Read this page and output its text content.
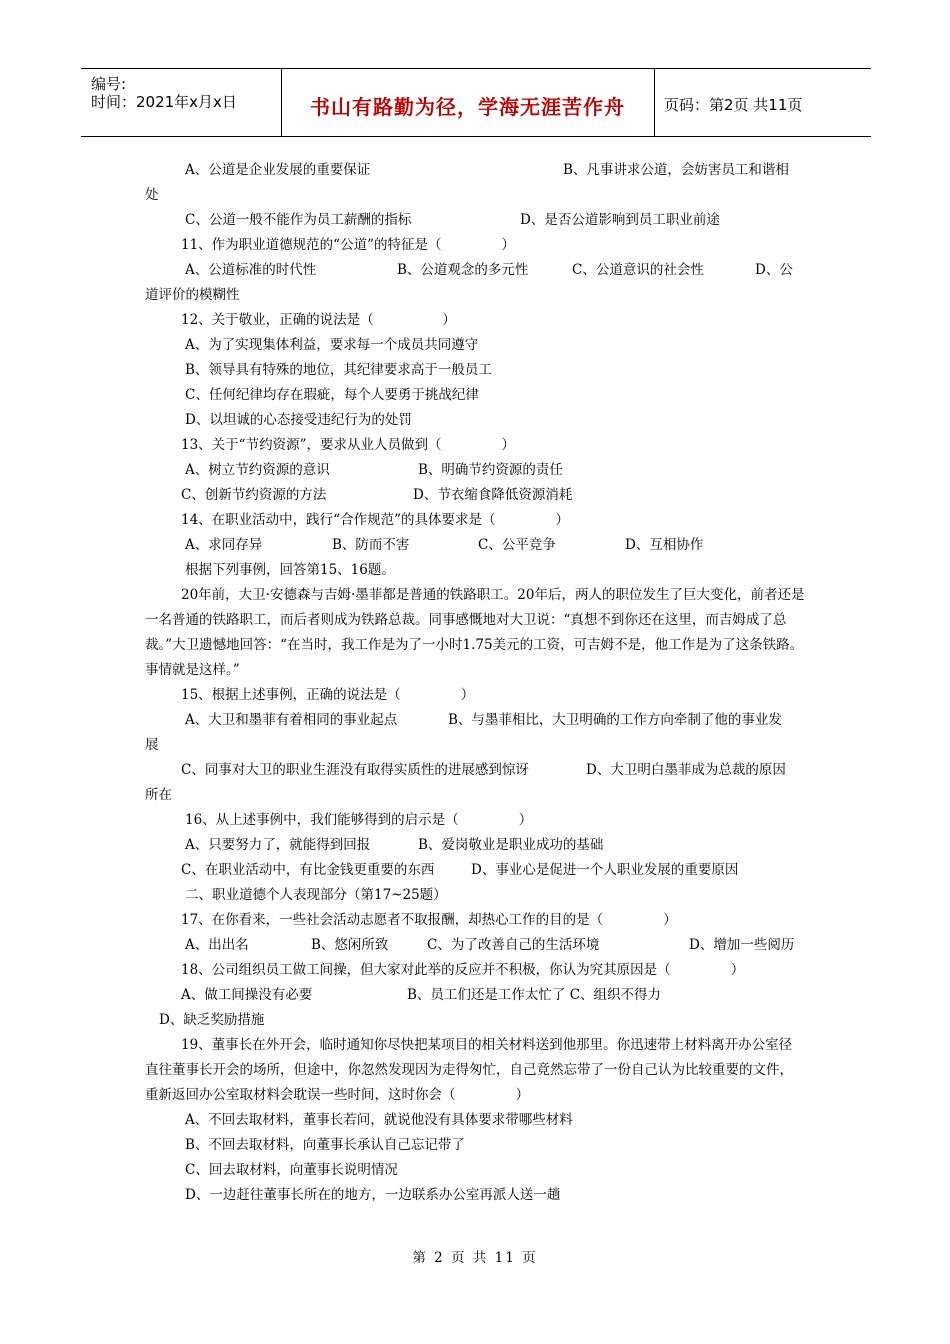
编号:
时间：2021年x月x日	书山有路勤为径，学海无涯苦作舟	页码：第2页 共11页
A、公道是企业发展的重要保证	B、凡事讲求公道，会妨害员工和谐相

处

C、公道一般不能作为员工薪酬的指标	D、是否公道影响到员工职业前途

11、作为职业道德规范的“公道”的特征是（              ）

A、公道标准的时代性	B、公道观念的多元性	C、公道意识的社会性	D、公

道评价的模糊性

12、关于敬业，正确的说法是（                ）

A、为了实现集体利益，要求每一个成员共同遵守

B、领导具有特殊的地位，其纪律要求高于一般员工

C、任何纪律均存在瑕疵，每个人要勇于挑战纪律

D、以坦诚的心态接受违纪行为的处罚

13、关于“节约资源”，要求从业人员做到（              ）

A、树立节约资源的意识	B、明确节约资源的责任
C、创新节约资源的方法	D、节衣缩食降低资源消耗

14、在职业活动中，践行“合作规范”的具体要求是（              ）

A、求同存异	B、防而不害	C、公平竞争	D、互相协作

根据下列事例，回答第15、16题。

20年前，大卫·安德森与吉姆·墨菲都是普通的铁路职工。20年后，两人的职位发生了巨大变化，前者还是一名普通的铁路职工，而后者则成为铁路总裁。同事感慨地对大卫说：“真想不到你还在这里，而吉姆成了总裁。”大卫遗憾地回答：“在当时，我工作是为了一小时1.75美元的工资，可吉姆不是，他工作是为了这条铁路。事情就是这样。”

15、根据上述事例，正确的说法是（              ）

A、大卫和墨菲有着相同的事业起点	B、与墨菲相比，大卫明确的工作方向牵制了他的事业发

展

C、同事对大卫的职业生涯没有取得实质性的进展感到惊讶	D、大卫明白墨菲成为总裁的原因

所在

16、从上述事例中，我们能够得到的启示是（              ）

A、只要努力了，就能得到回报	B、爱岗敬业是职业成功的基础
C、在职业活动中，有比金钱更重要的东西	D、事业心是促进一个人职业发展的重要原因

二、职业道德个人表现部分（第17~25题）

17、在你看来，一些社会活动志愿者不取报酬，却热心工作的目的是（              ）

A、出出名	B、悠闲所致	C、为了改善自己的生活环境	D、增加一些阅历

18、公司组织员工做工间操，但大家对此举的反应并不积极，你认为究其原因是（              ）

A、做工间操没有必要	B、员工们还是工作太忙了 C、组织不得力

D、缺乏奖励措施

19、董事长在外开会，临时通知你尽快把某项目的相关材料送到他那里。你迅速带上材料离开办公室径直往董事长开会的场所，但途中，你忽然发现因为走得匆忙，自己竟然忘带了一份自己认为比较重要的文件，重新返回办公室取材料会耽误一些时间，这时你会（              ）

A、不回去取材料，董事长若问，就说他没有具体要求带哪些材料

B、不回去取材料，向董事长承认自己忘记带了

C、回去取材料，向董事长说明情况

D、一边赶往董事长所在的地方，一边联系办公室再派人送一趟

第 2 页 共 11 页
